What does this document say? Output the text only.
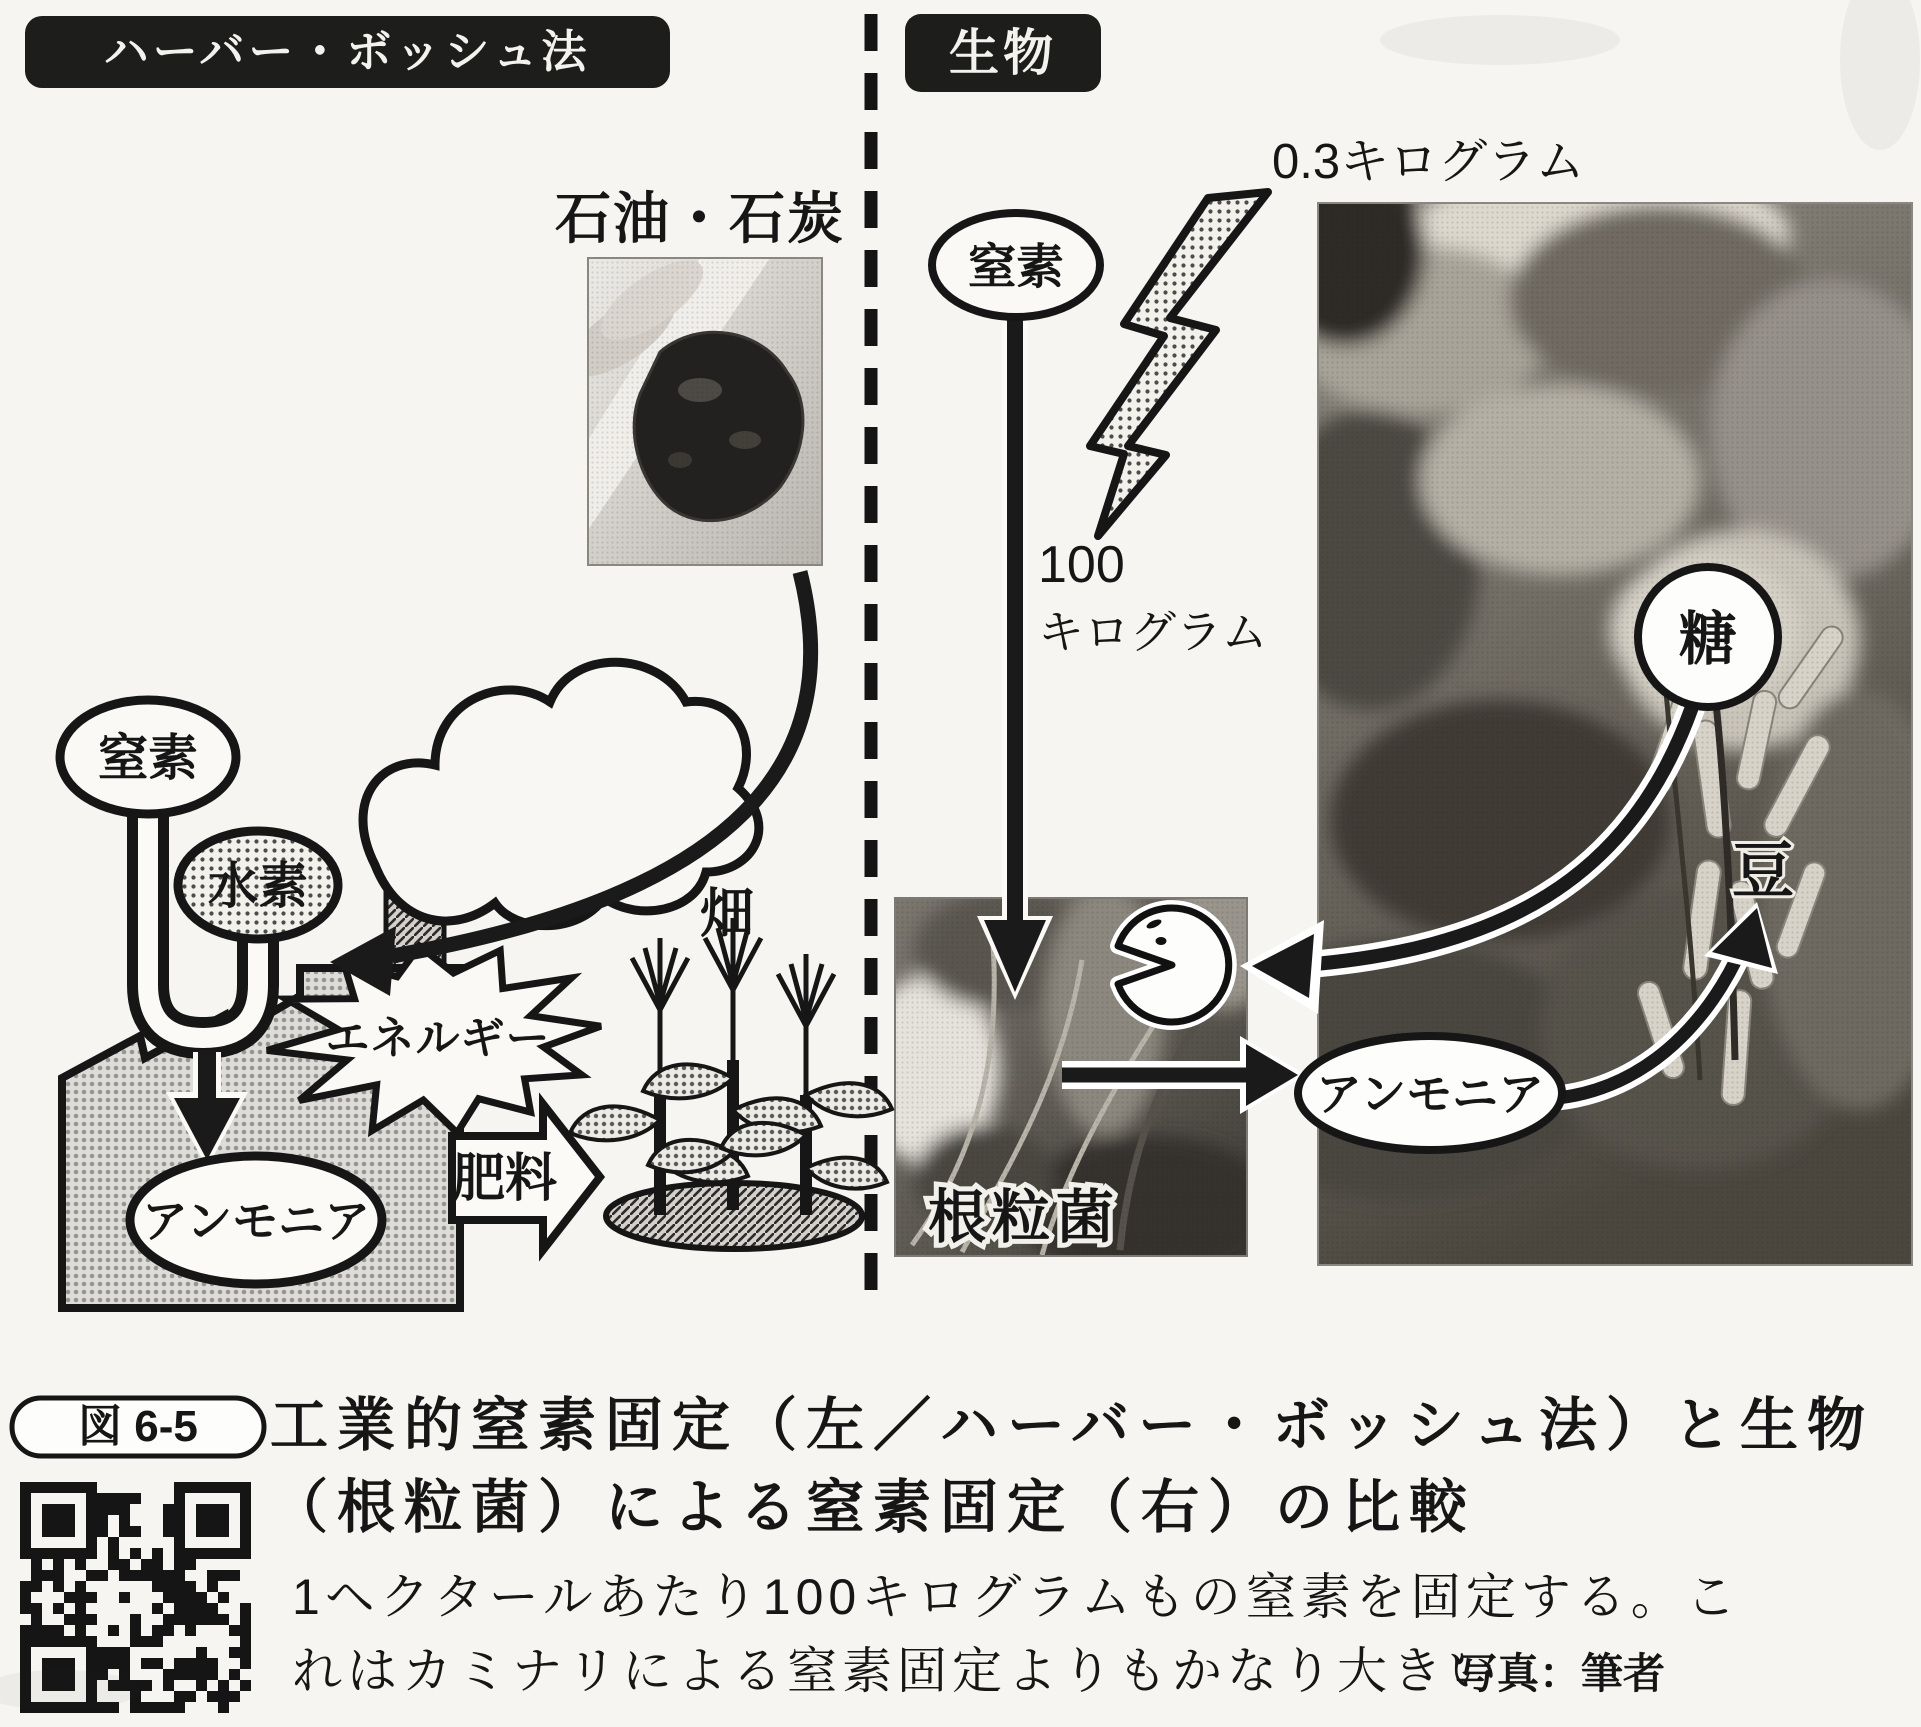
エネルギー
窒素
水素
アンモニア
肥料
畑
石油・石炭
ハーバー・ボッシュ法	生物
0.3キログラム
100
キログラム
窒素
アンモニア
糖
豆
根粒菌
図 6-5 工業的窒素固定（左／ハーバー・ボッシュ法）と生物
（根粒菌）による窒素固定（右）の比較
1ヘクタールあたり100キログラムもの窒素を固定する。こ
れはカミナリによる窒素固定よりもかなり大きい
写真：筆者
